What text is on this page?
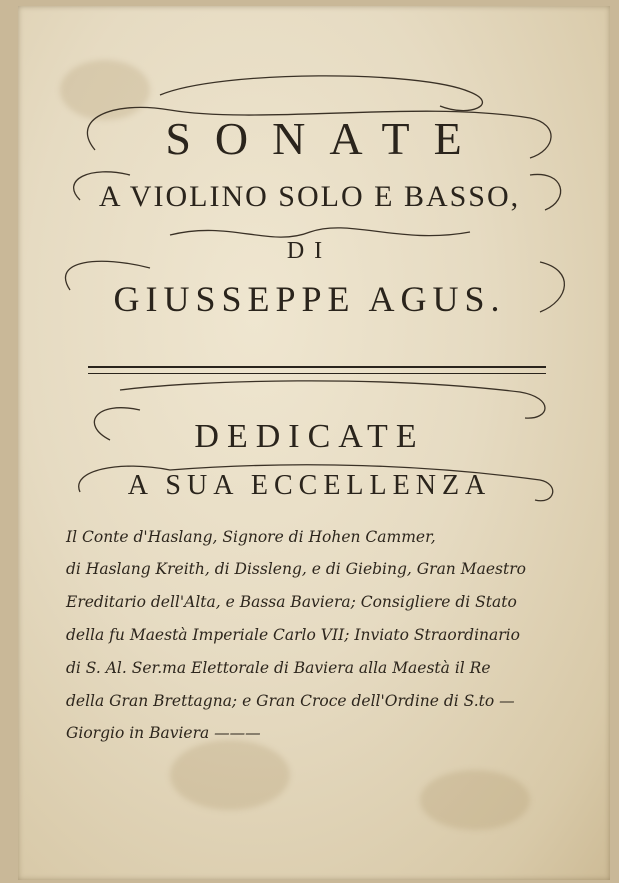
SONATE
A VIOLINO SOLO E BASSO,
DI
GIUSSEPPE AGUS.
DEDICATE
A SUA ECCELLENZA
Il Conte d'Haslang, Signore di Hohen Cammer,
di Haslang Kreith, di Dissleng, e di Giebing, Gran Maestro
Ereditario dell'Alta, e Bassa Baviera; Consigliere di Stato
della fu Maestà Imperiale Carlo VII; Inviato Straordinario
di S. Al. Ser.ma Elettorale di Baviera alla Maestà il Re
della Gran Brettagna; e Gran Croce dell'Ordine di S.to —
Giorgio in Baviera ———
